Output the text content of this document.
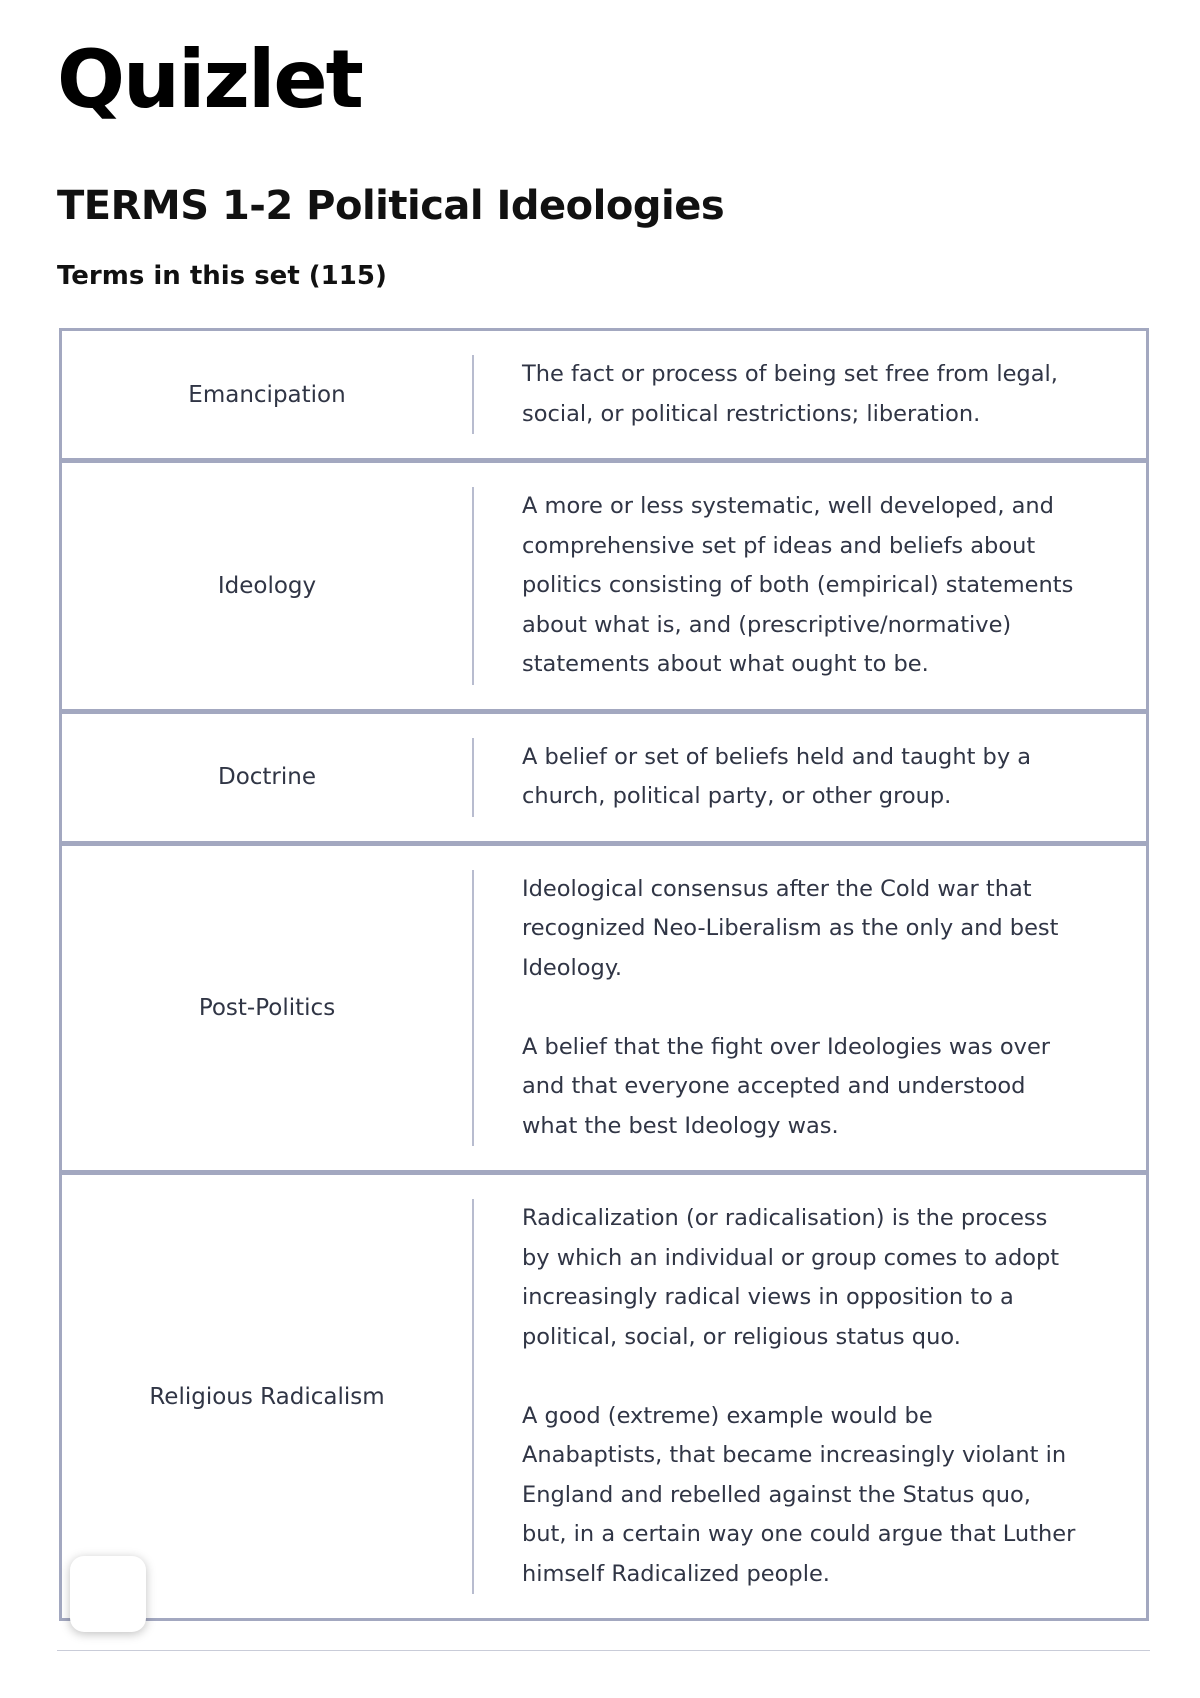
Quizlet
TERMS 1-2 Political Ideologies
Terms in this set (115)
Emancipation

The fact or process of being set free from legal, social, or political restrictions; liberation.

Ideology

A more or less systematic, well developed, and comprehensive set pf ideas and beliefs about politics consisting of both (empirical) statements about what is, and (prescriptive/normative) statements about what ought to be.

Doctrine

A belief or set of beliefs held and taught by a church, political party, or other group.

Post-Politics

Ideological consensus after the Cold war that recognized Neo-Liberalism as the only and best Ideology.

A belief that the fight over Ideologies was over and that everyone accepted and understood what the best Ideology was.

Religious Radicalism

Radicalization (or radicalisation) is the process by which an individual or group comes to adopt increasingly radical views in opposition to a political, social, or religious status quo.

A good (extreme) example would be Anabaptists, that became increasingly violant in England and rebelled against the Status quo, but, in a certain way one could argue that Luther himself Radicalized people.
